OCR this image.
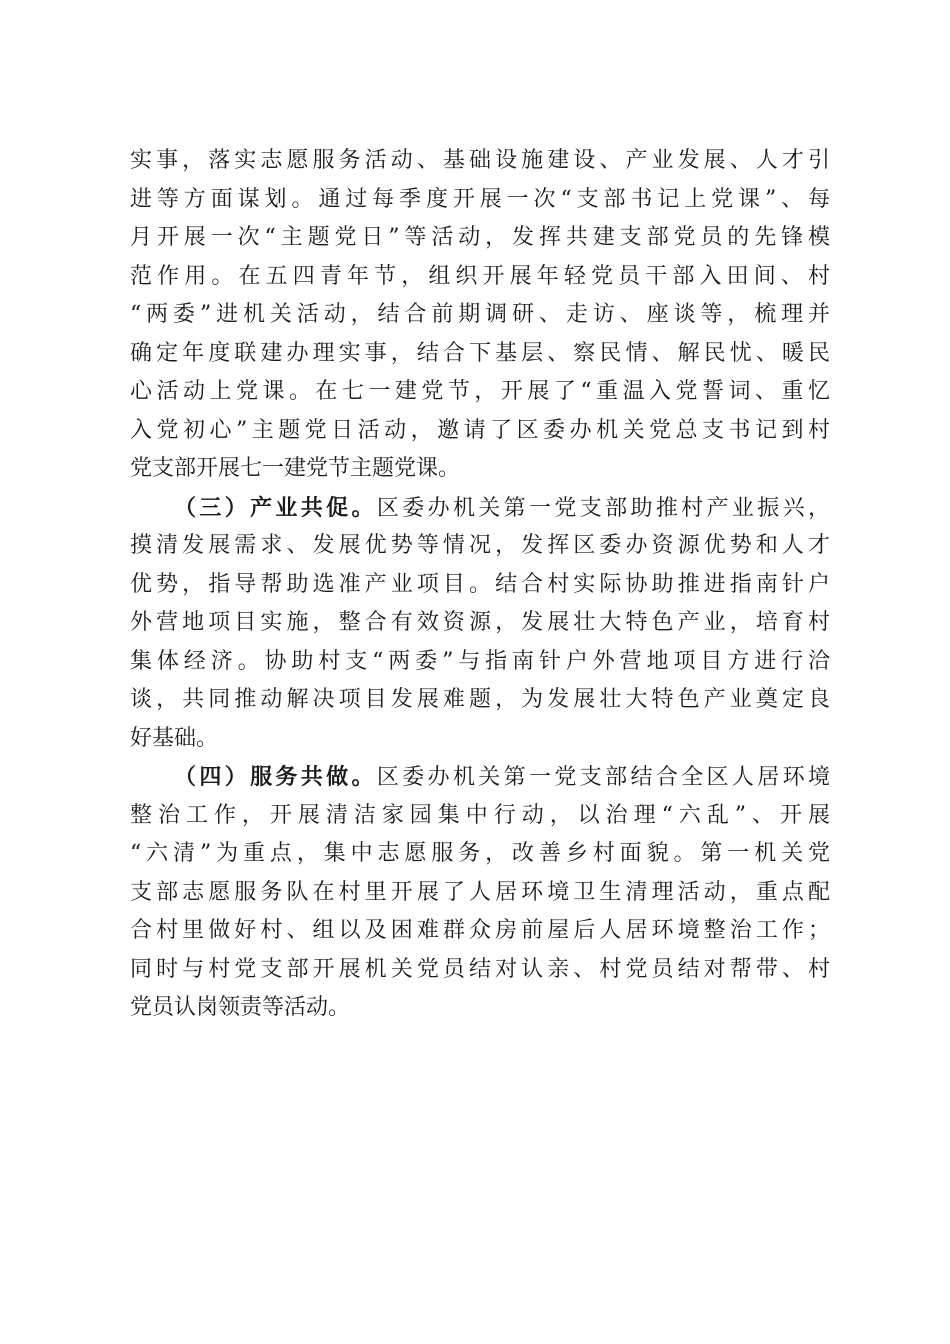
实事，落实志愿服务活动、基础设施建设、产业发展、人才引
进等方面谋划。通过每季度开展一次“支部书记上党课”、每
月开展一次“主题党日”等活动，发挥共建支部党员的先锋模
范作用。在五四青年节，组织开展年轻党员干部入田间、村
“两委”进机关活动，结合前期调研、走访、座谈等，梳理并
确定年度联建办理实事，结合下基层、察民情、解民忧、暖民
心活动上党课。在七一建党节，开展了“重温入党誓词、重忆
入党初心”主题党日活动，邀请了区委办机关党总支书记到村
党支部开展七一建党节主题党课。
（三）产业共促。区委办机关第一党支部助推村产业振兴，
摸清发展需求、发展优势等情况，发挥区委办资源优势和人才
优势，指导帮助选准产业项目。结合村实际协助推进指南针户
外营地项目实施，整合有效资源，发展壮大特色产业，培育村
集体经济。协助村支“两委”与指南针户外营地项目方进行洽
谈，共同推动解决项目发展难题，为发展壮大特色产业奠定良
好基础。
（四）服务共做。区委办机关第一党支部结合全区人居环境
整治工作，开展清洁家园集中行动，以治理“六乱”、开展
“六清”为重点，集中志愿服务，改善乡村面貌。第一机关党
支部志愿服务队在村里开展了人居环境卫生清理活动，重点配
合村里做好村、组以及困难群众房前屋后人居环境整治工作；
同时与村党支部开展机关党员结对认亲、村党员结对帮带、村
党员认岗领责等活动。
